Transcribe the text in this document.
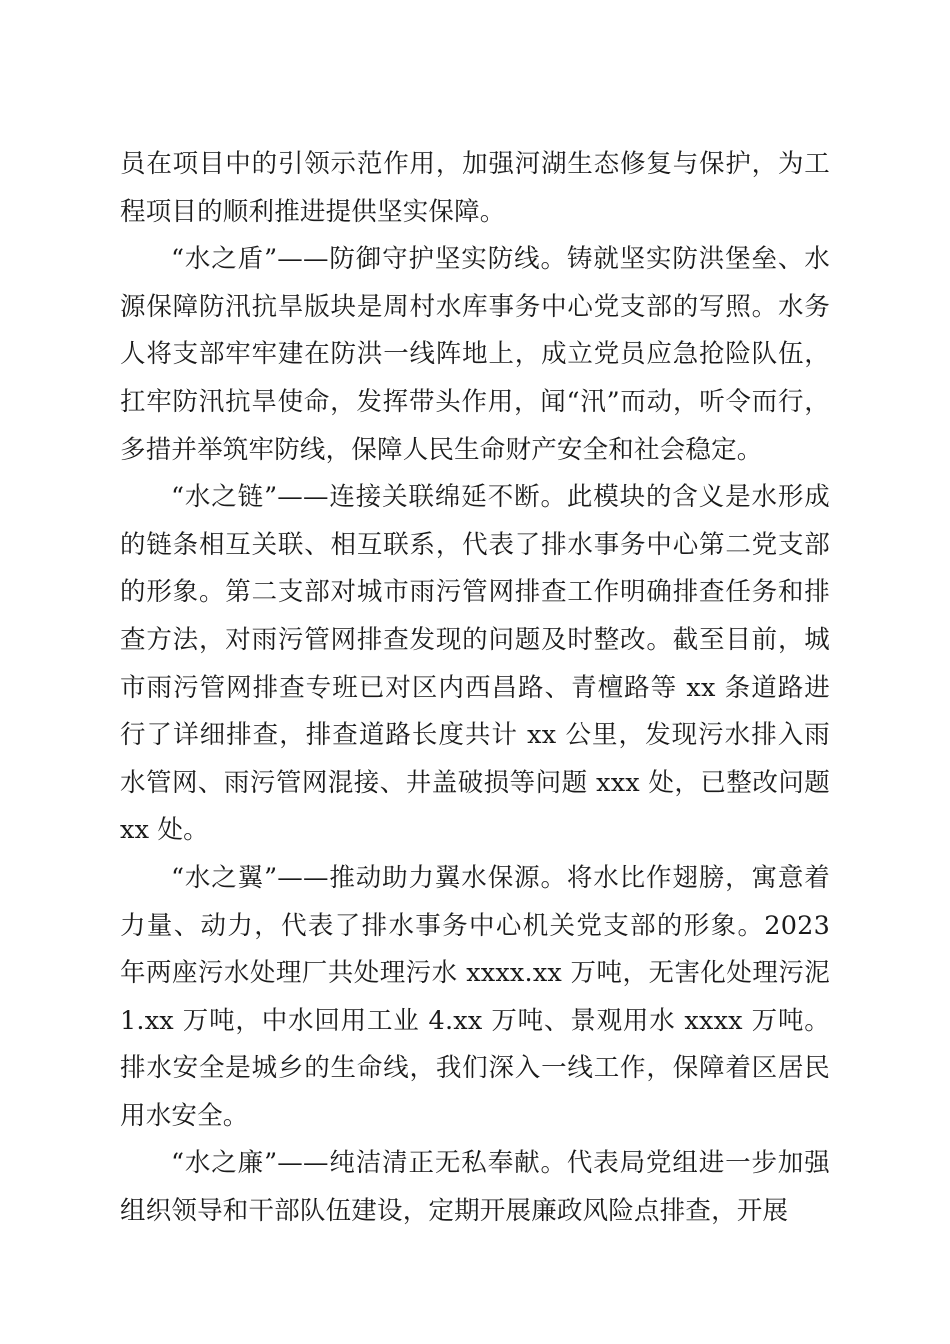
员在项目中的引领示范作用，加强河湖生态修复与保护，为工程项目的顺利推进提供坚实保障。

“水之盾”——防御守护坚实防线。铸就坚实防洪堡垒、水源保障防汛抗旱版块是周村水库事务中心党支部的写照。水务人将支部牢牢建在防洪一线阵地上，成立党员应急抢险队伍，扛牢防汛抗旱使命，发挥带头作用，闻“汛”而动，听令而行，多措并举筑牢防线，保障人民生命财产安全和社会稳定。

“水之链”——连接关联绵延不断。此模块的含义是水形成的链条相互关联、相互联系，代表了排水事务中心第二党支部的形象。第二支部对城市雨污管网排查工作明确排查任务和排查方法，对雨污管网排查发现的问题及时整改。截至目前，城市雨污管网排查专班已对区内西昌路、青檀路等 xx 条道路进行了详细排查，排查道路长度共计 xx 公里，发现污水排入雨水管网、雨污管网混接、井盖破损等问题 xxx 处，已整改问题 xx 处。

“水之翼”——推动助力翼水保源。将水比作翅膀，寓意着力量、动力，代表了排水事务中心机关党支部的形象。2023 年两座污水处理厂共处理污水 xxxx.xx 万吨，无害化处理污泥 1.xx 万吨，中水回用工业 4.xx 万吨、景观用水 xxxx 万吨。排水安全是城乡的生命线，我们深入一线工作，保障着区居民用水安全。

“水之廉”——纯洁清正无私奉献。代表局党组进一步加强组织领导和干部队伍建设，定期开展廉政风险点排查，开展
